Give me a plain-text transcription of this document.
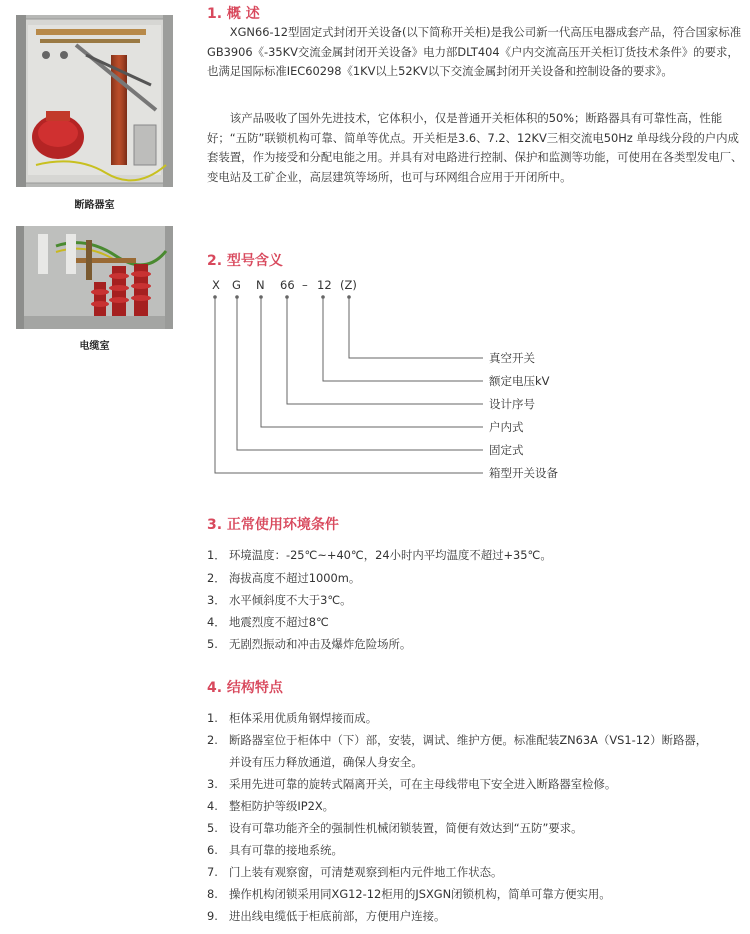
断路器室
电缆室
1. 概 述

XGN66-12型固定式封闭开关设备(以下简称开关柜)是我公司新一代高压电器成套产品，符合国家标准GB3906《-35KV交流金属封闭开关设备》电力部DLT404《户内交流高压开关柜订货技术条件》的要求，也满足国际标准IEC60298《1KV以上52KV以下交流金属封闭开关设备和控制设备的要求》。

该产品吸收了国外先进技术，它体积小，仅是普通开关柜体积的50%；断路器具有可靠性高，性能好；“五防”联锁机构可靠、简单等优点。开关柜是3.6、7.2、12KV三相交流电50Hz 单母线分段的户内成套装置，作为接受和分配电能之用。并具有对电路进行控制、保护和监测等功能，可使用在各类型发电厂、变电站及工矿企业，高层建筑等场所，也可与环网组合应用于开闭所中。

2. 型号含义
X G N 66 – 12 (Z)
真空开关
额定电压kV
设计序号
户内式
固定式
箱型开关设备
3. 正常使用环境条件
1． 环境温度：-25℃~+40℃，24小时内平均温度不超过+35℃。
2． 海拔高度不超过1000m。
3． 水平倾斜度不大于3℃。
4． 地震烈度不超过8℃
5. 无剧烈振动和冲击及爆炸危险场所。
4. 结构特点
1. 柜体采用优质角钢焊接而成。
2. 断路器室位于柜体中（下）部，安装，调试、维护方便。标准配装ZN63A（VS1-12）断路器，
并设有压力释放通道，确保人身安全。
3. 采用先进可靠的旋转式隔离开关，可在主母线带电下安全进入断路器室检修。
4. 整柜防护等级IP2X。
5. 设有可靠功能齐全的强制性机械闭锁装置，简便有效达到“五防”要求。
6. 具有可靠的接地系统。
7. 门上装有观察窗，可清楚观察到柜内元件地工作状态。
8. 操作机构闭锁采用同XG12-12柜用的JSXGN闭锁机构，简单可靠方便实用。
9. 进出线电缆低于柜底前部，方便用户连接。
